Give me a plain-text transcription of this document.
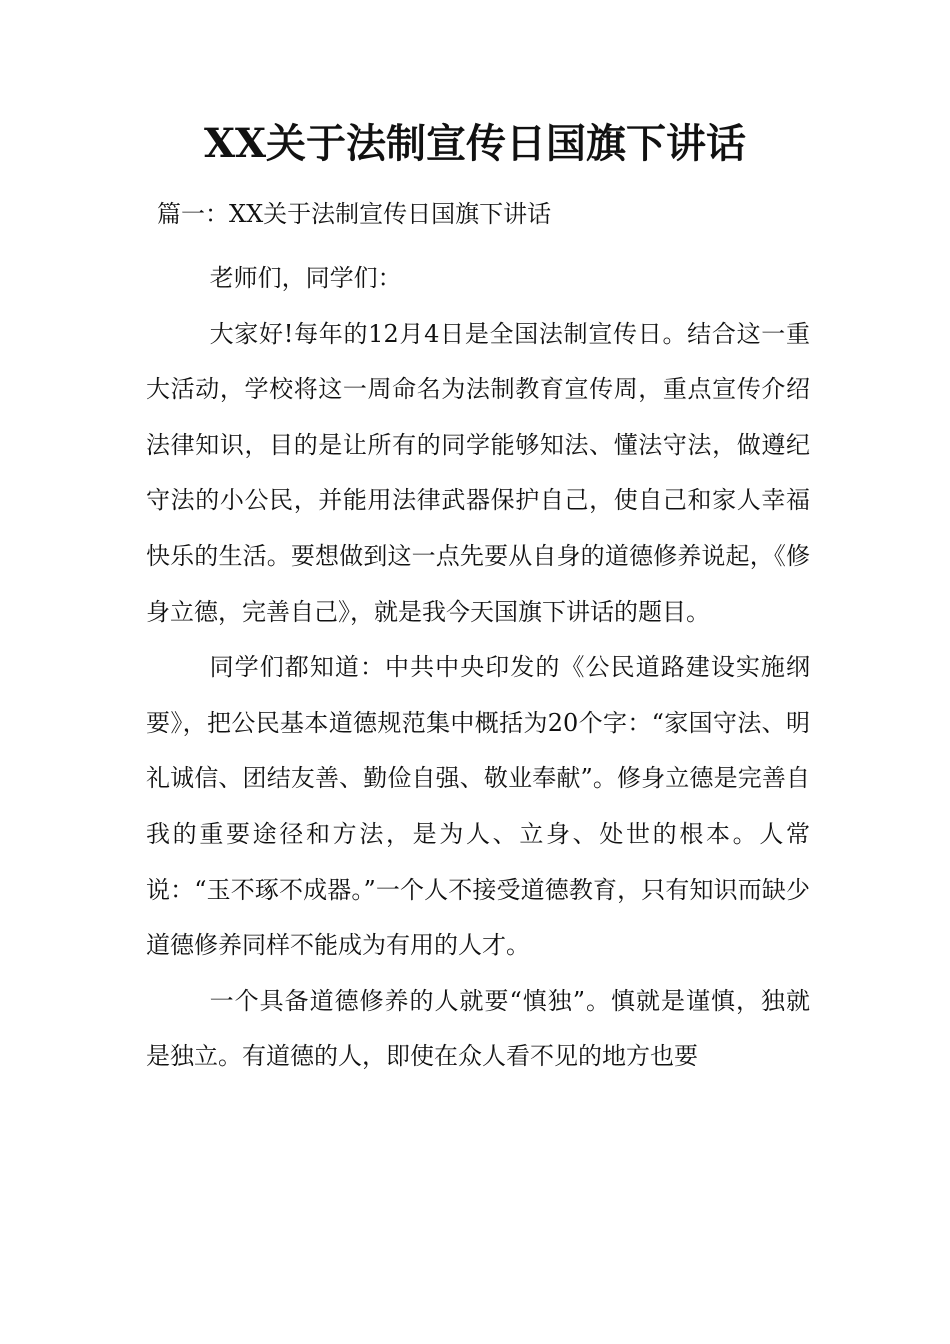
XX关于法制宣传日国旗下讲话

篇一：XX关于法制宣传日国旗下讲话

老师们，同学们：

大家好!每年的12月4日是全国法制宣传日。结合这一重大活动，学校将这一周命名为法制教育宣传周，重点宣传介绍法律知识，目的是让所有的同学能够知法、懂法守法，做遵纪守法的小公民，并能用法律武器保护自己，使自己和家人幸福快乐的生活。要想做到这一点先要从自身的道德修养说起，《修身立德，完善自己》，就是我今天国旗下讲话的题目。

同学们都知道：中共中央印发的《公民道路建设实施纲要》，把公民基本道德规范集中概括为20个字：“家国守法、明礼诚信、团结友善、勤俭自强、敬业奉献”。修身立德是完善自我的重要途径和方法，是为人、立身、处世的根本。人常说：“玉不琢不成器。”一个人不接受道德教育，只有知识而缺少道德修养同样不能成为有用的人才。

一个具备道德修养的人就要“慎独”。慎就是谨慎，独就是独立。有道德的人，即使在众人看不见的地方也要
